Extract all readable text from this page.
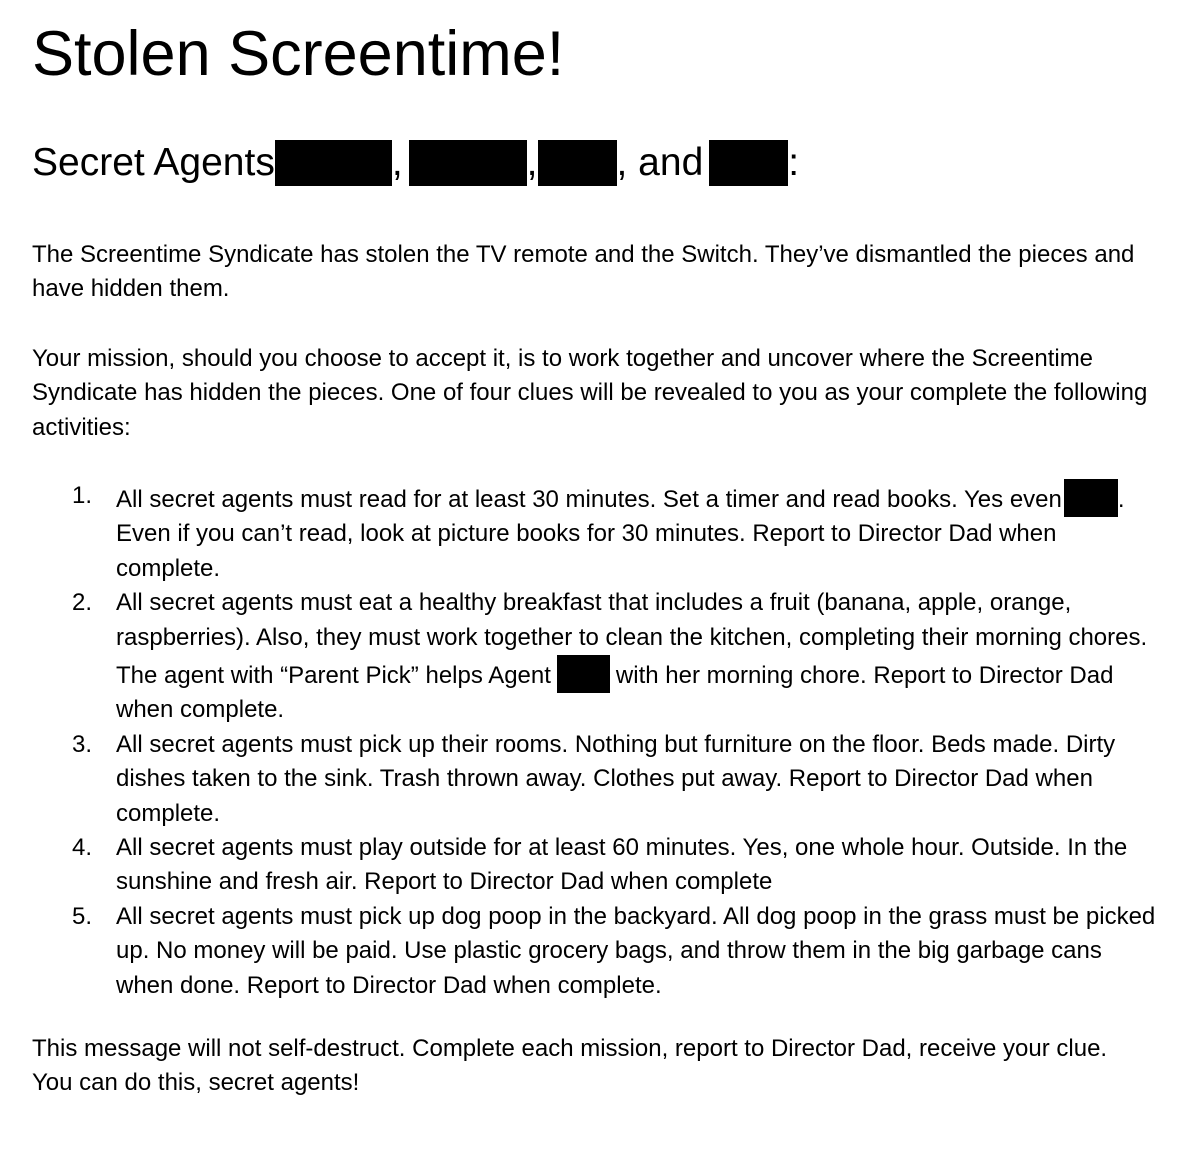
Stolen Screentime!
Secret Agents	,	, , and :

The Screentime Syndicate has stolen the TV remote and the Switch. They’ve dismantled the pieces and have hidden them.

Your mission, should you choose to accept it, is to work together and uncover where the Screentime Syndicate has hidden the pieces. One of four clues will be revealed to you as your complete the following activities:

1. All secret agents must read for at least 30 minutes. Set a timer and read books. Yes even . Even if you can’t read, look at picture books for 30 minutes. Report to Director Dad when complete.
2. All secret agents must eat a healthy breakfast that includes a fruit (banana, apple, orange, raspberries). Also, they must work together to clean the kitchen, completing their morning chores. The agent with “Parent Pick” helps Agent	with her morning chore. Report to Director Dad when complete.
3. All secret agents must pick up their rooms. Nothing but furniture on the floor. Beds made. Dirty dishes taken to the sink. Trash thrown away. Clothes put away. Report to Director Dad when complete.
4. All secret agents must play outside for at least 60 minutes. Yes, one whole hour. Outside. In the sunshine and fresh air. Report to Director Dad when complete
5. All secret agents must pick up dog poop in the backyard. All dog poop in the grass must be picked up. No money will be paid. Use plastic grocery bags, and throw them in the big garbage cans when done. Report to Director Dad when complete.

This message will not self-destruct. Complete each mission, report to Director Dad, receive your clue. You can do this, secret agents!
